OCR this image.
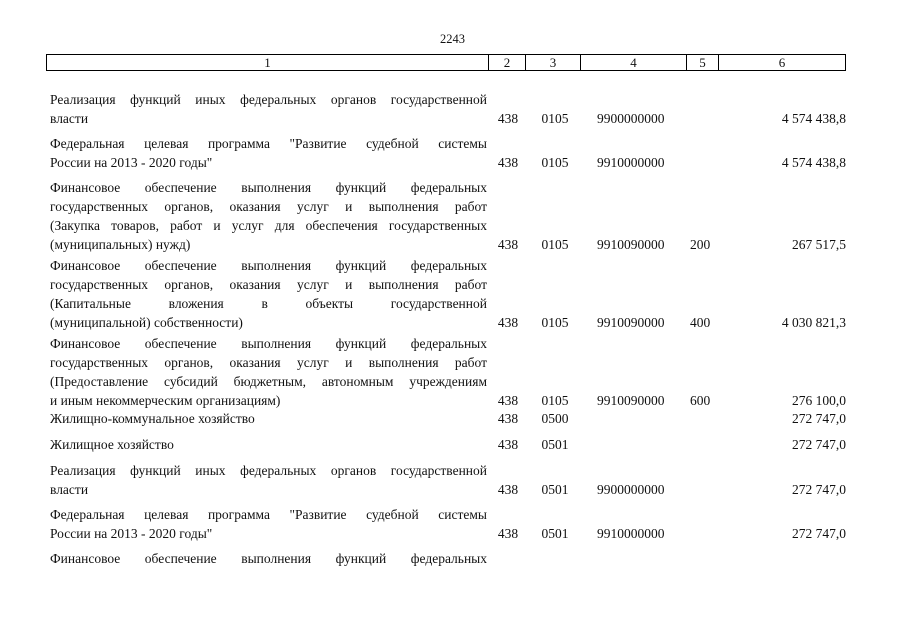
2243
1	2	3	4	5	6
Реализация функций иных федеральных органов государственной
власти	438 0105 9900000000	4 574 438,8
Федеральная целевая программа "Развитие судебной системы
России на 2013 - 2020 годы"	438 0105 9910000000	4 574 438,8
Финансовое обеспечение выполнения функций федеральных
государственных органов, оказания услуг и выполнения работ
(Закупка товаров, работ и услуг для обеспечения государственных
(муниципальных) нужд)	438 0105 9910090000	200	267 517,5
Финансовое обеспечение выполнения функций федеральных
государственных органов, оказания услуг и выполнения работ
(Капитальные вложения в объекты государственной
(муниципальной) собственности)	438 0105 9910090000	400	4 030 821,3
Финансовое обеспечение выполнения функций федеральных
государственных органов, оказания услуг и выполнения работ
(Предоставление субсидий бюджетным, автономным учреждениям
и иным некоммерческим организациям)	438 0105 9910090000	600	276 100,0
Жилищно-коммунальное хозяйство	438 0500	272 747,0
Жилищное хозяйство	438 0501	272 747,0
Реализация функций иных федеральных органов государственной
власти	438 0501 9900000000	272 747,0
Федеральная целевая программа "Развитие судебной системы
России на 2013 - 2020 годы"	438 0501 9910000000	272 747,0
Финансовое обеспечение выполнения функций федеральных
